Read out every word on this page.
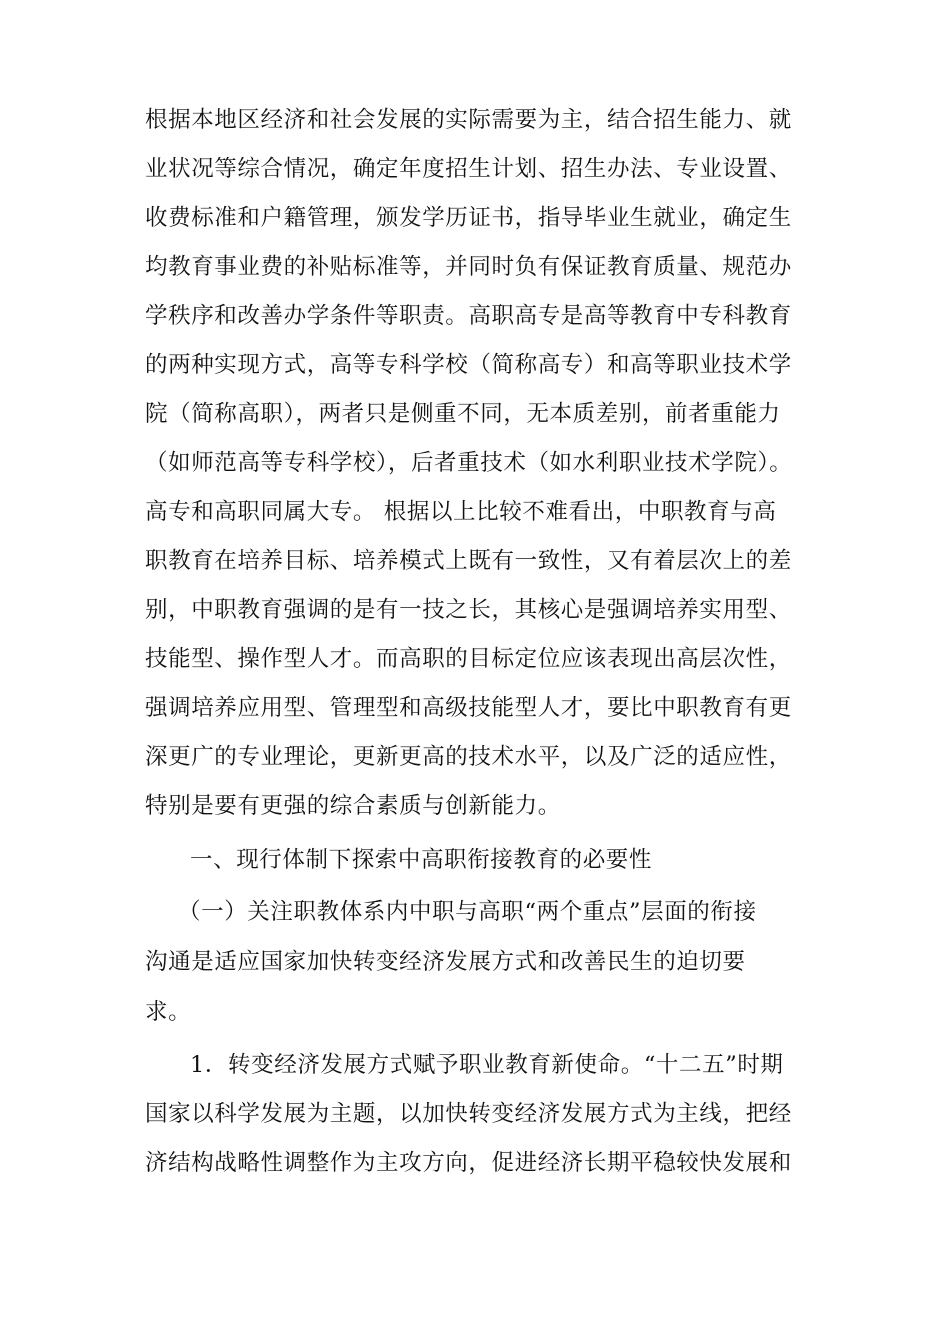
根据本地区经济和社会发展的实际需要为主，结合招生能力、就
业状况等综合情况，确定年度招生计划、招生办法、专业设置、
收费标准和户籍管理，颁发学历证书，指导毕业生就业，确定生
均教育事业费的补贴标准等，并同时负有保证教育质量、规范办
学秩序和改善办学条件等职责。高职高专是高等教育中专科教育
的两种实现方式，高等专科学校（简称高专）和高等职业技术学
院（简称高职），两者只是侧重不同，无本质差别，前者重能力
（如师范高等专科学校），后者重技术（如水利职业技术学院）。
高专和高职同属大专。 根据以上比较不难看出，中职教育与高
职教育在培养目标、培养模式上既有一致性，又有着层次上的差
别，中职教育强调的是有一技之长，其核心是强调培养实用型、
技能型、操作型人才。而高职的目标定位应该表现出高层次性，
强调培养应用型、管理型和高级技能型人才，要比中职教育有更
深更广的专业理论，更新更高的技术水平，以及广泛的适应性，
特别是要有更强的综合素质与创新能力。
一、现行体制下探索中高职衔接教育的必要性
（一）关注职教体系内中职与高职“两个重点”层面的衔接
沟通是适应国家加快转变经济发展方式和改善民生的迫切要
求。
1．转变经济发展方式赋予职业教育新使命。“十二五”时期
国家以科学发展为主题，以加快转变经济发展方式为主线，把经
济结构战略性调整作为主攻方向，促进经济长期平稳较快发展和
